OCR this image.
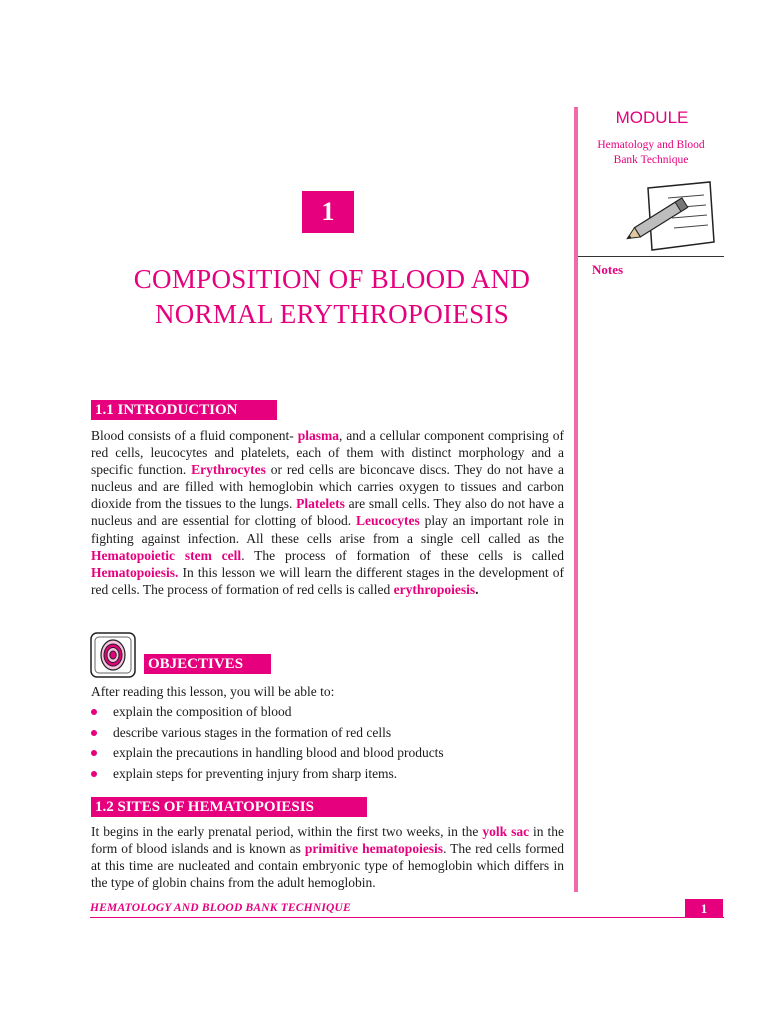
MODULE
Hematology and Blood Bank Technique
Notes
1
COMPOSITION OF BLOOD AND
NORMAL ERYTHROPOIESIS
1.1 INTRODUCTION

Blood consists of a fluid component- plasma, and a cellular component comprising of red cells, leucocytes and platelets, each of them with distinct morphology and a specific function. Erythrocytes or red cells are biconcave discs. They do not have a nucleus and are filled with hemoglobin which carries oxygen to tissues and carbon dioxide from the tissues to the lungs. Platelets are small cells. They also do not have a nucleus and are essential for clotting of blood. Leucocytes play an important role in fighting against infection. All these cells arise from a single cell called as the Hematopoietic stem cell. The process of formation of these cells is called Hematopoiesis. In this lesson we will learn the different stages in the development of red cells. The process of formation of red cells is called erythropoiesis.

OBJECTIVES

After reading this lesson, you will be able to:

explain the composition of blood
describe various stages in the formation of red cells
explain the precautions in handling blood and blood products
explain steps for preventing injury from sharp items.
1.2 SITES OF HEMATOPOIESIS

It begins in the early prenatal period, within the first two weeks, in the yolk sac in the form of blood islands and is known as primitive hematopoiesis. The red cells formed at this time are nucleated and contain embryonic type of hemoglobin which differs in the type of globin chains from the adult hemoglobin.

HEMATOLOGY AND BLOOD BANK TECHNIQUE	1
